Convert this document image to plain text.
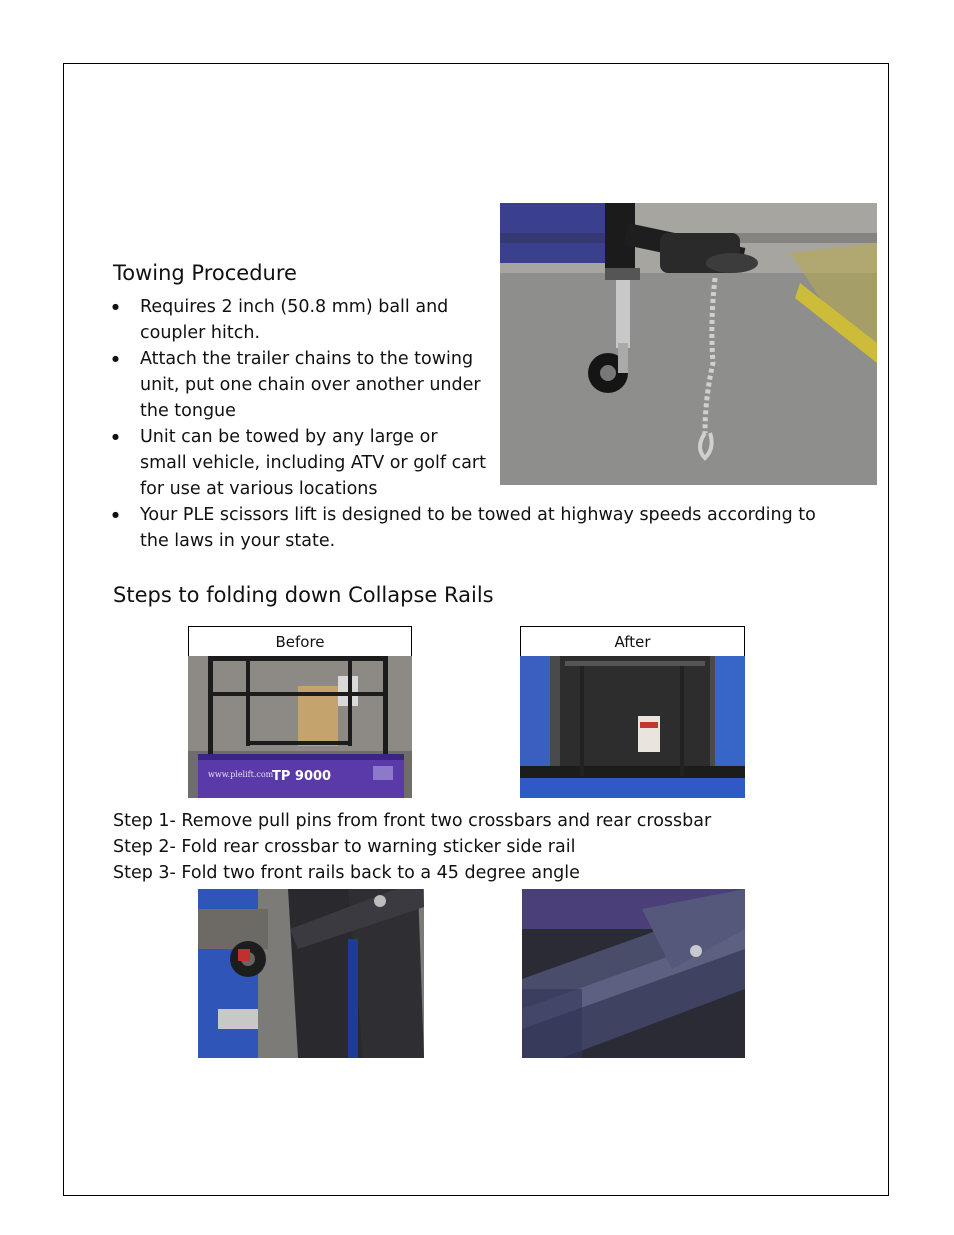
Towing Procedure
● Requires 2 inch (50.8 mm) ball and coupler hitch.
● Attach the trailer chains to the towing unit, put one chain over another under the tongue
● Unit can be towed by any large or small vehicle, including ATV or golf cart for use at various locations
● Your PLE scissors lift is designed to be towed at highway speeds according to the laws in your state.
Steps to folding down Collapse Rails
Before
www.plelift.com
TP 9000
After
Step 1- Remove pull pins from front two crossbars and rear crossbar
Step 2- Fold rear crossbar to warning sticker side rail
Step 3- Fold two front rails back to a 45 degree angle
